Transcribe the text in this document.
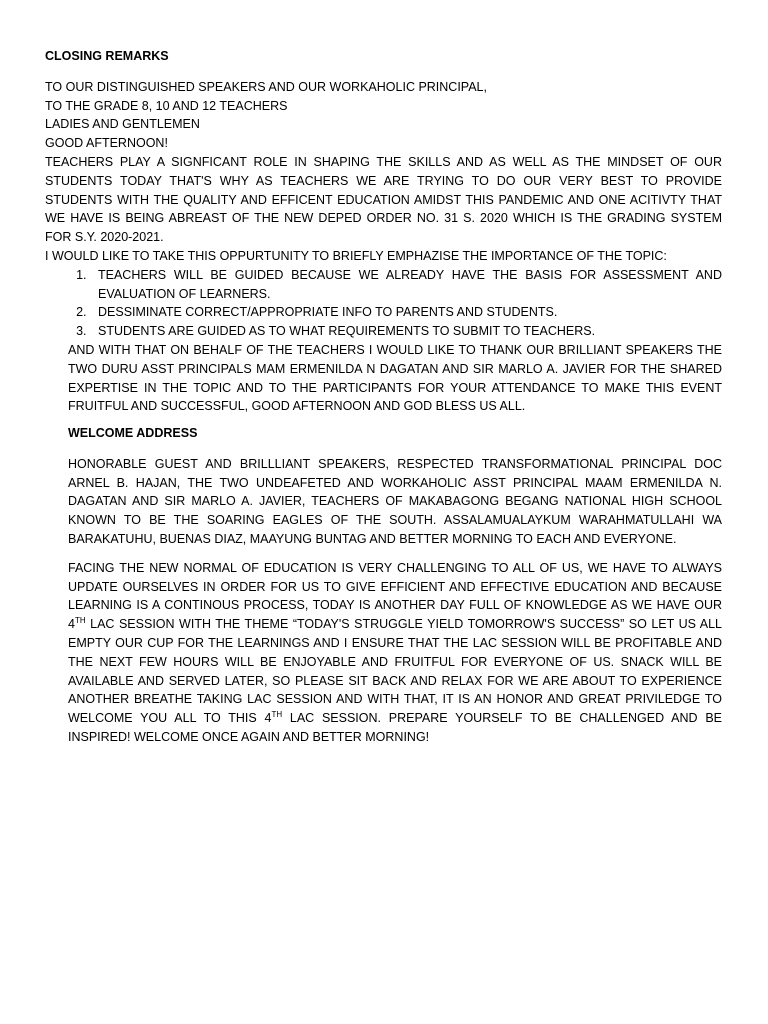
CLOSING REMARKS
TO OUR DISTINGUISHED SPEAKERS AND OUR WORKAHOLIC PRINCIPAL,
TO THE GRADE 8, 10 AND 12 TEACHERS
LADIES AND GENTLEMEN
GOOD AFTERNOON!
TEACHERS PLAY A SIGNFICANT ROLE IN SHAPING THE SKILLS AND AS WELL AS THE MINDSET OF OUR STUDENTS TODAY THAT'S WHY AS TEACHERS WE ARE TRYING TO DO OUR VERY BEST TO PROVIDE STUDENTS WITH THE QUALITY AND EFFICENT EDUCATION AMIDST THIS PANDEMIC AND ONE ACITIVTY THAT WE HAVE IS BEING ABREAST OF THE NEW DEPED ORDER NO. 31 S. 2020 WHICH IS THE GRADING SYSTEM FOR S.Y. 2020-2021.
I WOULD LIKE TO TAKE THIS OPPURTUNITY TO BRIEFLY EMPHAZISE THE IMPORTANCE OF THE TOPIC:
1. TEACHERS WILL BE GUIDED BECAUSE WE ALREADY HAVE THE BASIS FOR ASSESSMENT AND EVALUATION OF LEARNERS.
2. DESSIMINATE CORRECT/APPROPRIATE INFO TO PARENTS AND STUDENTS.
3. STUDENTS ARE GUIDED AS TO WHAT REQUIREMENTS TO SUBMIT TO TEACHERS.
AND WITH THAT ON BEHALF OF THE TEACHERS I WOULD LIKE TO THANK OUR BRILLIANT SPEAKERS THE TWO DURU ASST PRINCIPALS MAM ERMENILDA N DAGATAN AND SIR MARLO A. JAVIER FOR THE SHARED EXPERTISE IN THE TOPIC AND TO THE PARTICIPANTS FOR YOUR ATTENDANCE TO MAKE THIS EVENT FRUITFUL AND SUCCESSFUL, GOOD AFTERNOON AND GOD BLESS US ALL.
WELCOME ADDRESS

HONORABLE GUEST AND BRILLLIANT SPEAKERS, RESPECTED TRANSFORMATIONAL PRINCIPAL DOC ARNEL B. HAJAN, THE TWO UNDEAFETED AND WORKAHOLIC ASST PRINCIPAL MAAM ERMENILDA N. DAGATAN AND SIR MARLO A. JAVIER, TEACHERS OF MAKABAGONG BEGANG NATIONAL HIGH SCHOOL KNOWN TO BE THE SOARING EAGLES OF THE SOUTH. ASSALAMUALAYKUM WARAHMATULLAHI WA BARAKATUHU, BUENAS DIAZ, MAAYUNG BUNTAG AND BETTER MORNING TO EACH AND EVERYONE.

FACING THE NEW NORMAL OF EDUCATION IS VERY CHALLENGING TO ALL OF US, WE HAVE TO ALWAYS UPDATE OURSELVES IN ORDER FOR US TO GIVE EFFICIENT AND EFFECTIVE EDUCATION AND BECAUSE LEARNING IS A CONTINOUS PROCESS, TODAY IS ANOTHER DAY FULL OF KNOWLEDGE AS WE HAVE OUR 4TH LAC SESSION WITH THE THEME “TODAY'S STRUGGLE YIELD TOMORROW'S SUCCESS” SO LET US ALL EMPTY OUR CUP FOR THE LEARNINGS AND I ENSURE THAT THE LAC SESSION WILL BE PROFITABLE AND THE NEXT FEW HOURS WILL BE ENJOYABLE AND FRUITFUL FOR EVERYONE OF US. SNACK WILL BE AVAILABLE AND SERVED LATER, SO PLEASE SIT BACK AND RELAX FOR WE ARE ABOUT TO EXPERIENCE ANOTHER BREATHE TAKING LAC SESSION AND WITH THAT, IT IS AN HONOR AND GREAT PRIVILEDGE TO WELCOME YOU ALL TO THIS 4TH LAC SESSION. PREPARE YOURSELF TO BE CHALLENGED AND BE INSPIRED! WELCOME ONCE AGAIN AND BETTER MORNING!
